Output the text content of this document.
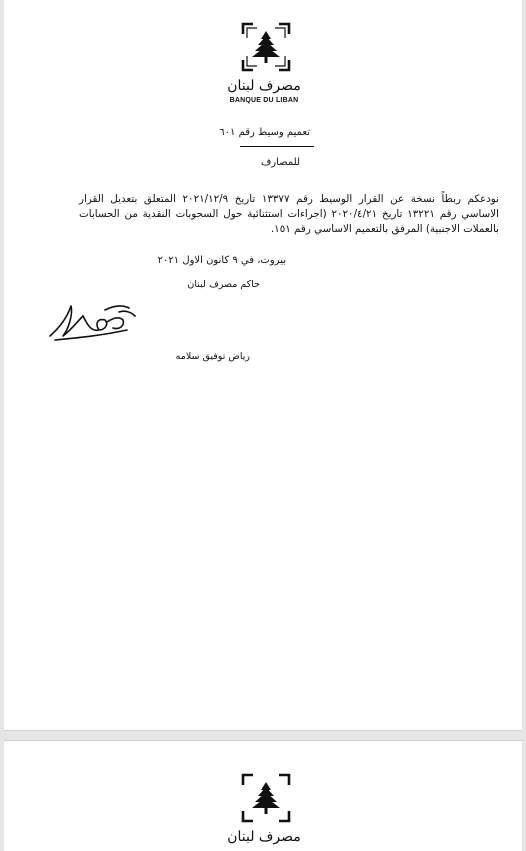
مصرف لبنان
BANQUE DU LIBAN
تعميم وسيط رقم ٦٠١
للمصارف
نودعكم ربطاً نسخة عن القرار الوسيط رقم ١٣٣٧٧ تاريخ ٢٠٢١/١٢/٩ المتعلق بتعديل القرار الاساسي رقم ١٣٢٢١ تاريخ ٢٠٢٠/٤/٢١ (اجراءات استثنائية حول السحوبات النقدية من الحسابات بالعملات الاجنبية) المرفق بالتعميم الاساسي رقم ١٥١.
بيروت، في ٩ كانون الاول ٢٠٢١
حاكم مصرف لبنان
رياض توفيق سلامه
مصرف لبنان
